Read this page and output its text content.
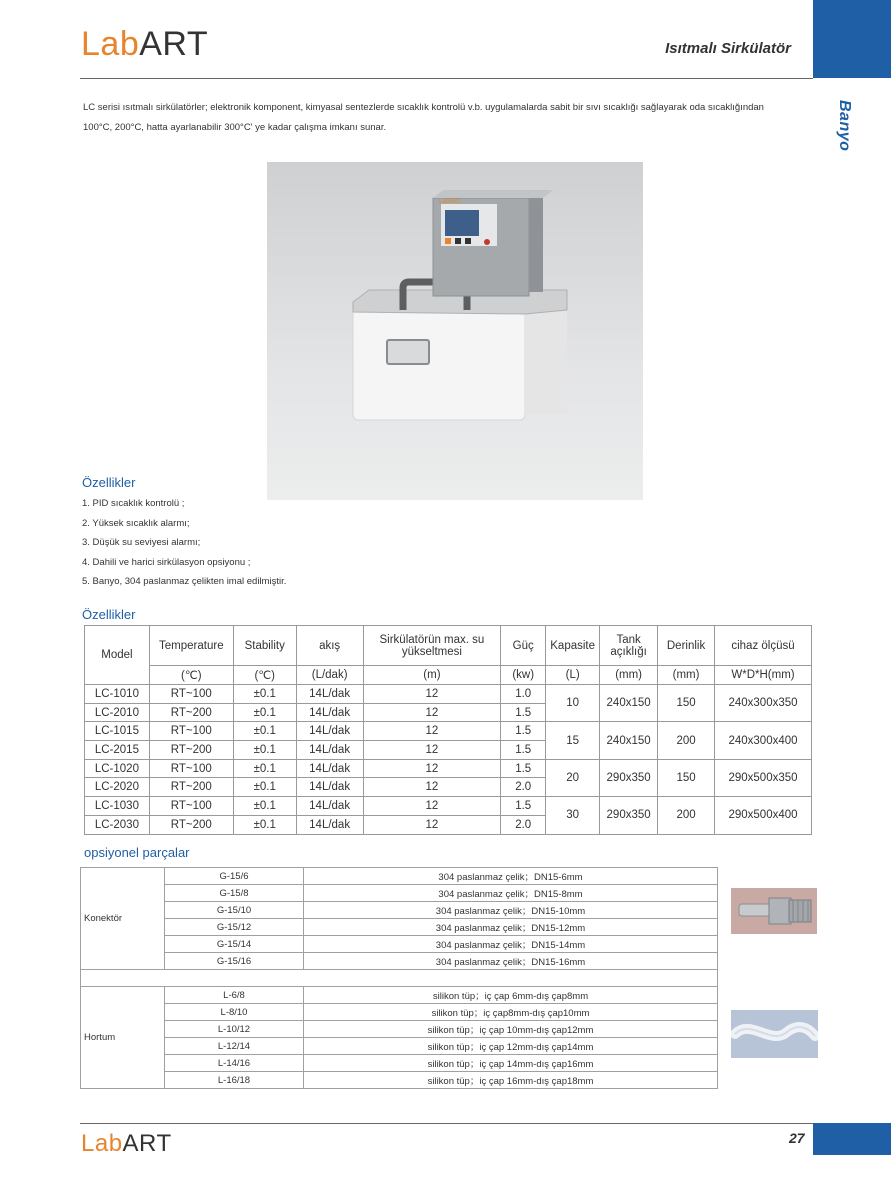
LabART	Isıtmalı Sirkülatör
Banyo

LC serisi ısıtmalı sirkülatörler; elektronik komponent, kimyasal sentezlerde sıcaklık kontrolü v.b. uygulamalarda sabit bir sıvı sıcaklığı sağlayarak oda sıcaklığından 100°C, 200°C, hatta ayarlanabilir 300°C' ye kadar çalışma imkanı sunar.

LabART
Özellikler
1. PID sıcaklık kontrolü ;
2. Yüksek sıcaklık alarmı;
3. Düşük su seviyesi alarmı;
4. Dahili ve harici sirkülasyon opsiyonu ;
5. Banyo, 304 paslanmaz çelikten imal edilmiştir.
Özellikler
Model	Temperature	Stability	akış	Sirkülatörün max. su yükseltmesi	Güç	Kapasite	Tank açıklığı	Derinlik	cihaz ölçüsü
	(℃)	(℃)	(L/dak)	(m)	(kw)	(L)	(mm)	(mm)	W*D*H(mm)
LC-1010	RT~100	±0.1	14L/dak	12	1.0	10	240x150	150	240x300x350
LC-2010	RT~200	±0.1	14L/dak	12	1.5				
LC-1015	RT~100	±0.1	14L/dak	12	1.5	15	240x150	200	240x300x400
LC-2015	RT~200	±0.1	14L/dak	12	1.5				
LC-1020	RT~100	±0.1	14L/dak	12	1.5	20	290x350	150	290x500x350
LC-2020	RT~200	±0.1	14L/dak	12	2.0				
LC-1030	RT~100	±0.1	14L/dak	12	1.5	30	290x350	200	290x500x400
LC-2030	RT~200	±0.1	14L/dak	12	2.0				
opsiyonel parçalar
Konektör	G-15/6	304 paslanmaz çelik；DN15-6mm
	G-15/8	304 paslanmaz çelik；DN15-8mm
	G-15/10	304 paslanmaz çelik；DN15-10mm
	G-15/12	304 paslanmaz çelik；DN15-12mm
	G-15/14	304 paslanmaz çelik；DN15-14mm
	G-15/16	304 paslanmaz çelik；DN15-16mm

Hortum	L-6/8	silikon tüp；iç çap 6mm-dış çap8mm
	L-8/10	silikon tüp；iç çap8mm-dış çap10mm
	L-10/12	silikon tüp；iç çap 10mm-dış çap12mm
	L-12/14	silikon tüp；iç çap 12mm-dış çap14mm
	L-14/16	silikon tüp；iç çap 14mm-dış çap16mm
	L-16/18	silikon tüp；iç çap 16mm-dış çap18mm
LabART	27
